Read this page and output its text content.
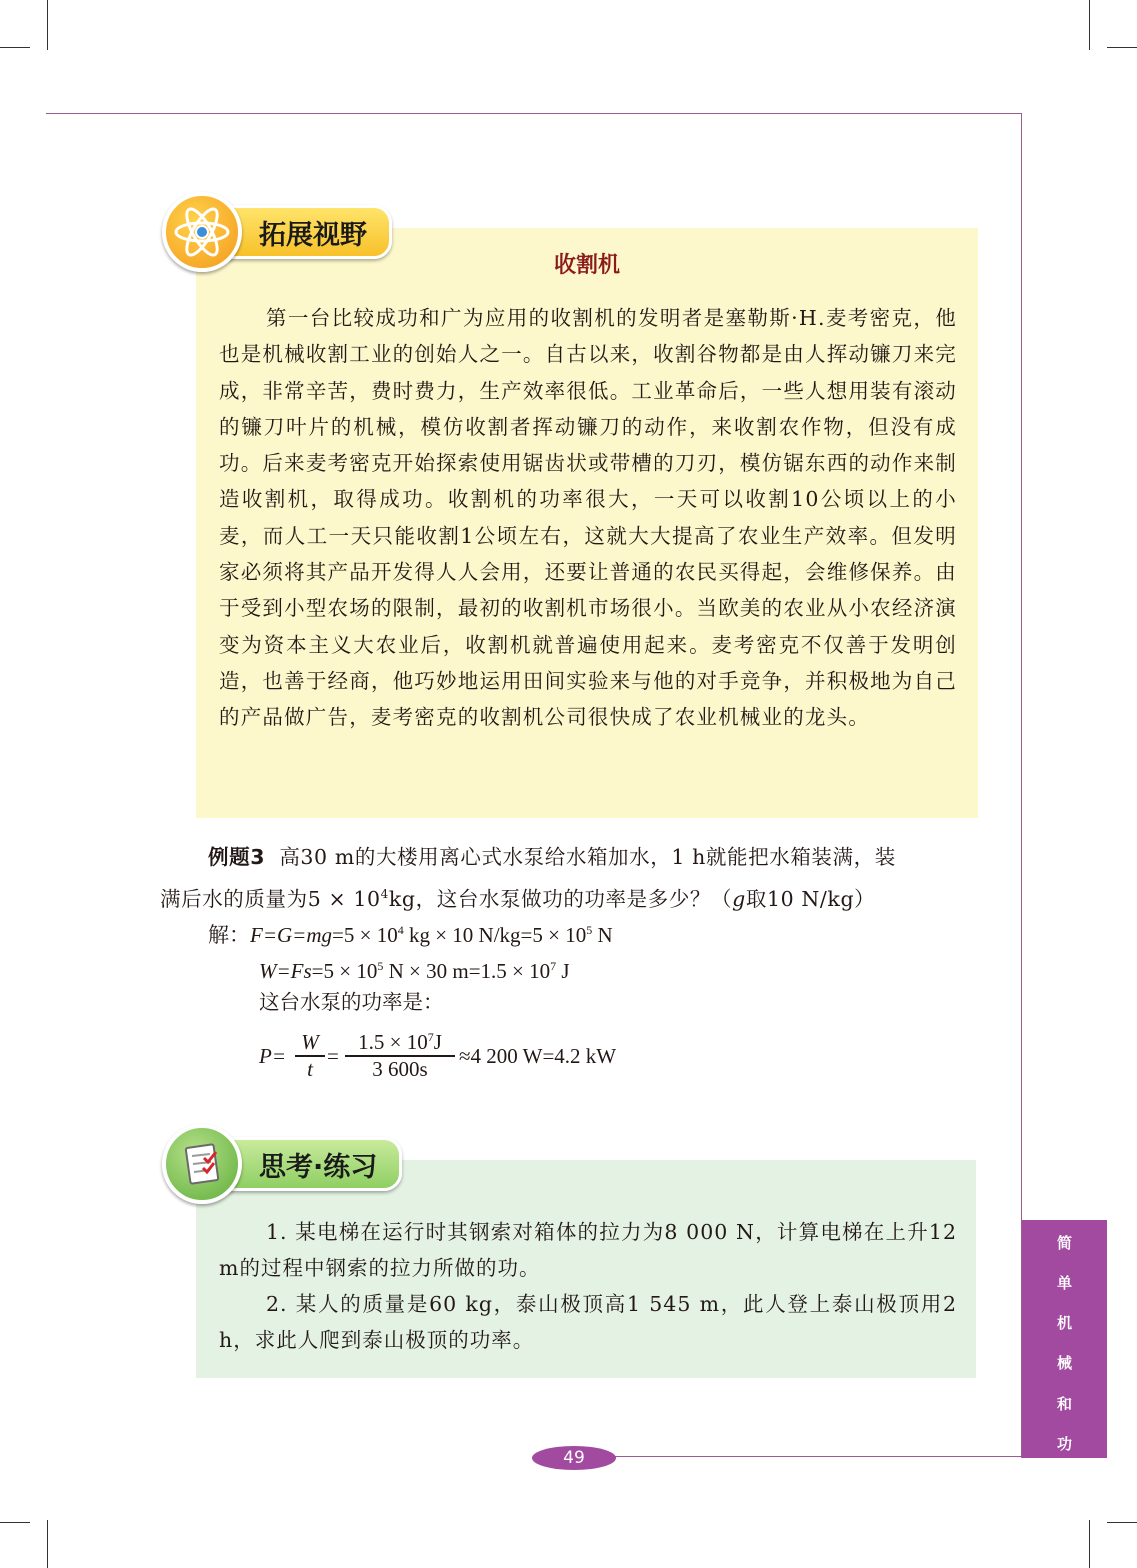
拓展视野
收割机

第一台比较成功和广为应用的收割机的发明者是塞勒斯·H.麦考密克，他也是机械收割工业的创始人之一。自古以来，收割谷物都是由人挥动镰刀来完成，非常辛苦，费时费力，生产效率很低。工业革命后，一些人想用装有滚动的镰刀叶片的机械，模仿收割者挥动镰刀的动作，来收割农作物，但没有成功。后来麦考密克开始探索使用锯齿状或带槽的刀刃，模仿锯东西的动作来制造收割机，取得成功。收割机的功率很大，一天可以收割10公顷以上的小麦，而人工一天只能收割1公顷左右，这就大大提高了农业生产效率。但发明家必须将其产品开发得人人会用，还要让普通的农民买得起，会维修保养。由于受到小型农场的限制，最初的收割机市场很小。当欧美的农业从小农经济演变为资本主义大农业后，收割机就普遍使用起来。麦考密克不仅善于发明创造，也善于经商，他巧妙地运用田间实验来与他的对手竞争，并积极地为自己的产品做广告，麦考密克的收割机公司很快成了农业机械业的龙头。

例题3 高30 m的大楼用离心式水泵给水箱加水，1 h就能把水箱装满，装

满后水的质量为$5 \times 10^4kg$，这台水泵做功的功率是多少？（g取10 N/kg）

解：$F=G=mg=5 \times 10^4$ kg × 10 $N/kg=5 \times 10^5$ N

$W=Fs=5 \times 10^5$ N × 30 $m=1.5 \times 10^7$ J

这台水泵的功率是：

P=
W
t
=
$1.5 \times 10^7J$
3 600s
≈4 200 W=4.2 kW
思考·练习

1. 某电梯在运行时其钢索对箱体的拉力为8 000 N，计算电梯在上升12 m的过程中钢索的拉力所做的功。

2. 某人的质量是60 kg，泰山极顶高1 545 m，此人登上泰山极顶用2 h，求此人爬到泰山极顶的功率。

简
单
机
械
和
功
49
